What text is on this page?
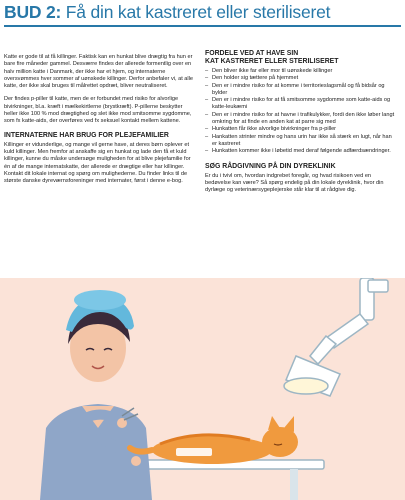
BUD 2: Få din kat kastreret eller steriliseret

Katte er gode til at få killinger. Faktisk kan en hunkat blive drægtig fra hun er bare fire måneder gammel. Desværre findes der allerede formentlig over en halv million katte i Danmark, der ikke har et hjem, og internaterne oversvømmes hver sommer af uønskede killinger. Derfor anbefaler vi, at alle katte, der ikke skal bruges til målrettet opdræt, bliver neutraliseret.

Der findes p-piller til katte, men de er forbundet med risiko for alvorlige bivirkninger, bl.a. kræft i mælkekirtlerne (brystkræft). P-pillerne beskytter heller ikke 100 % mod drægtighed og slet ikke mod smitsomme sygdomme, som fx katte-aids, der overføres ved fx seksuel kontakt mellem kattene.

INTERNATERNE HAR BRUG FOR PLEJEFAMILIER

Killinger er vidunderlige, og mange vil gerne have, at deres børn oplever et kuld killinger. Men fremfor at anskaffe sig en hunkat og lade den få et kuld killinger, kunne du måske undersøge muligheden for at blive plejefamilie for én af de mange internatskatte, der allerede er drægtige eller har killinger. Kontakt dit lokale internat og spørg om mulighederne. Du finder links til de største danske dyreværnsforeninger med internater, først i denne e-bog.

FORDELE VED AT HAVE SIN
KAT KASTRERET ELLER STERILISERET
– Den bliver ikke far eller mor til uønskede killinger
– Den holder sig tættere på hjemmet
– Den er i mindre risiko for at komme i territorieslagsmål og få bidsår og bylder
– Den er i mindre risiko for at få smitsomme sygdomme som katte-aids og katte-leukæmi
– Den er i mindre risiko for at havne i trafikulykker, fordi den ikke løber langt omkring for at finde en anden kat at parre sig med
– Hunkatten får ikke alvorlige bivirkninger fra p-piller
– Hankatten strinter mindre og hans urin har ikke så stærk en lugt, når han er kastreret
– Hunkatten kommer ikke i løbetid med deraf følgende adfærdsændringer.
SØG RÅDGIVNING PÅ DIN DYREKLINIK

Er du i tvivl om, hvordan indgrebet foregår, og hvad risikoen ved en bedøvelse kan være? Så spørg endelig på din lokale dyreklinik, hvor din dyrlæge og veterinærsygeplejerske står klar til at rådgive dig.
